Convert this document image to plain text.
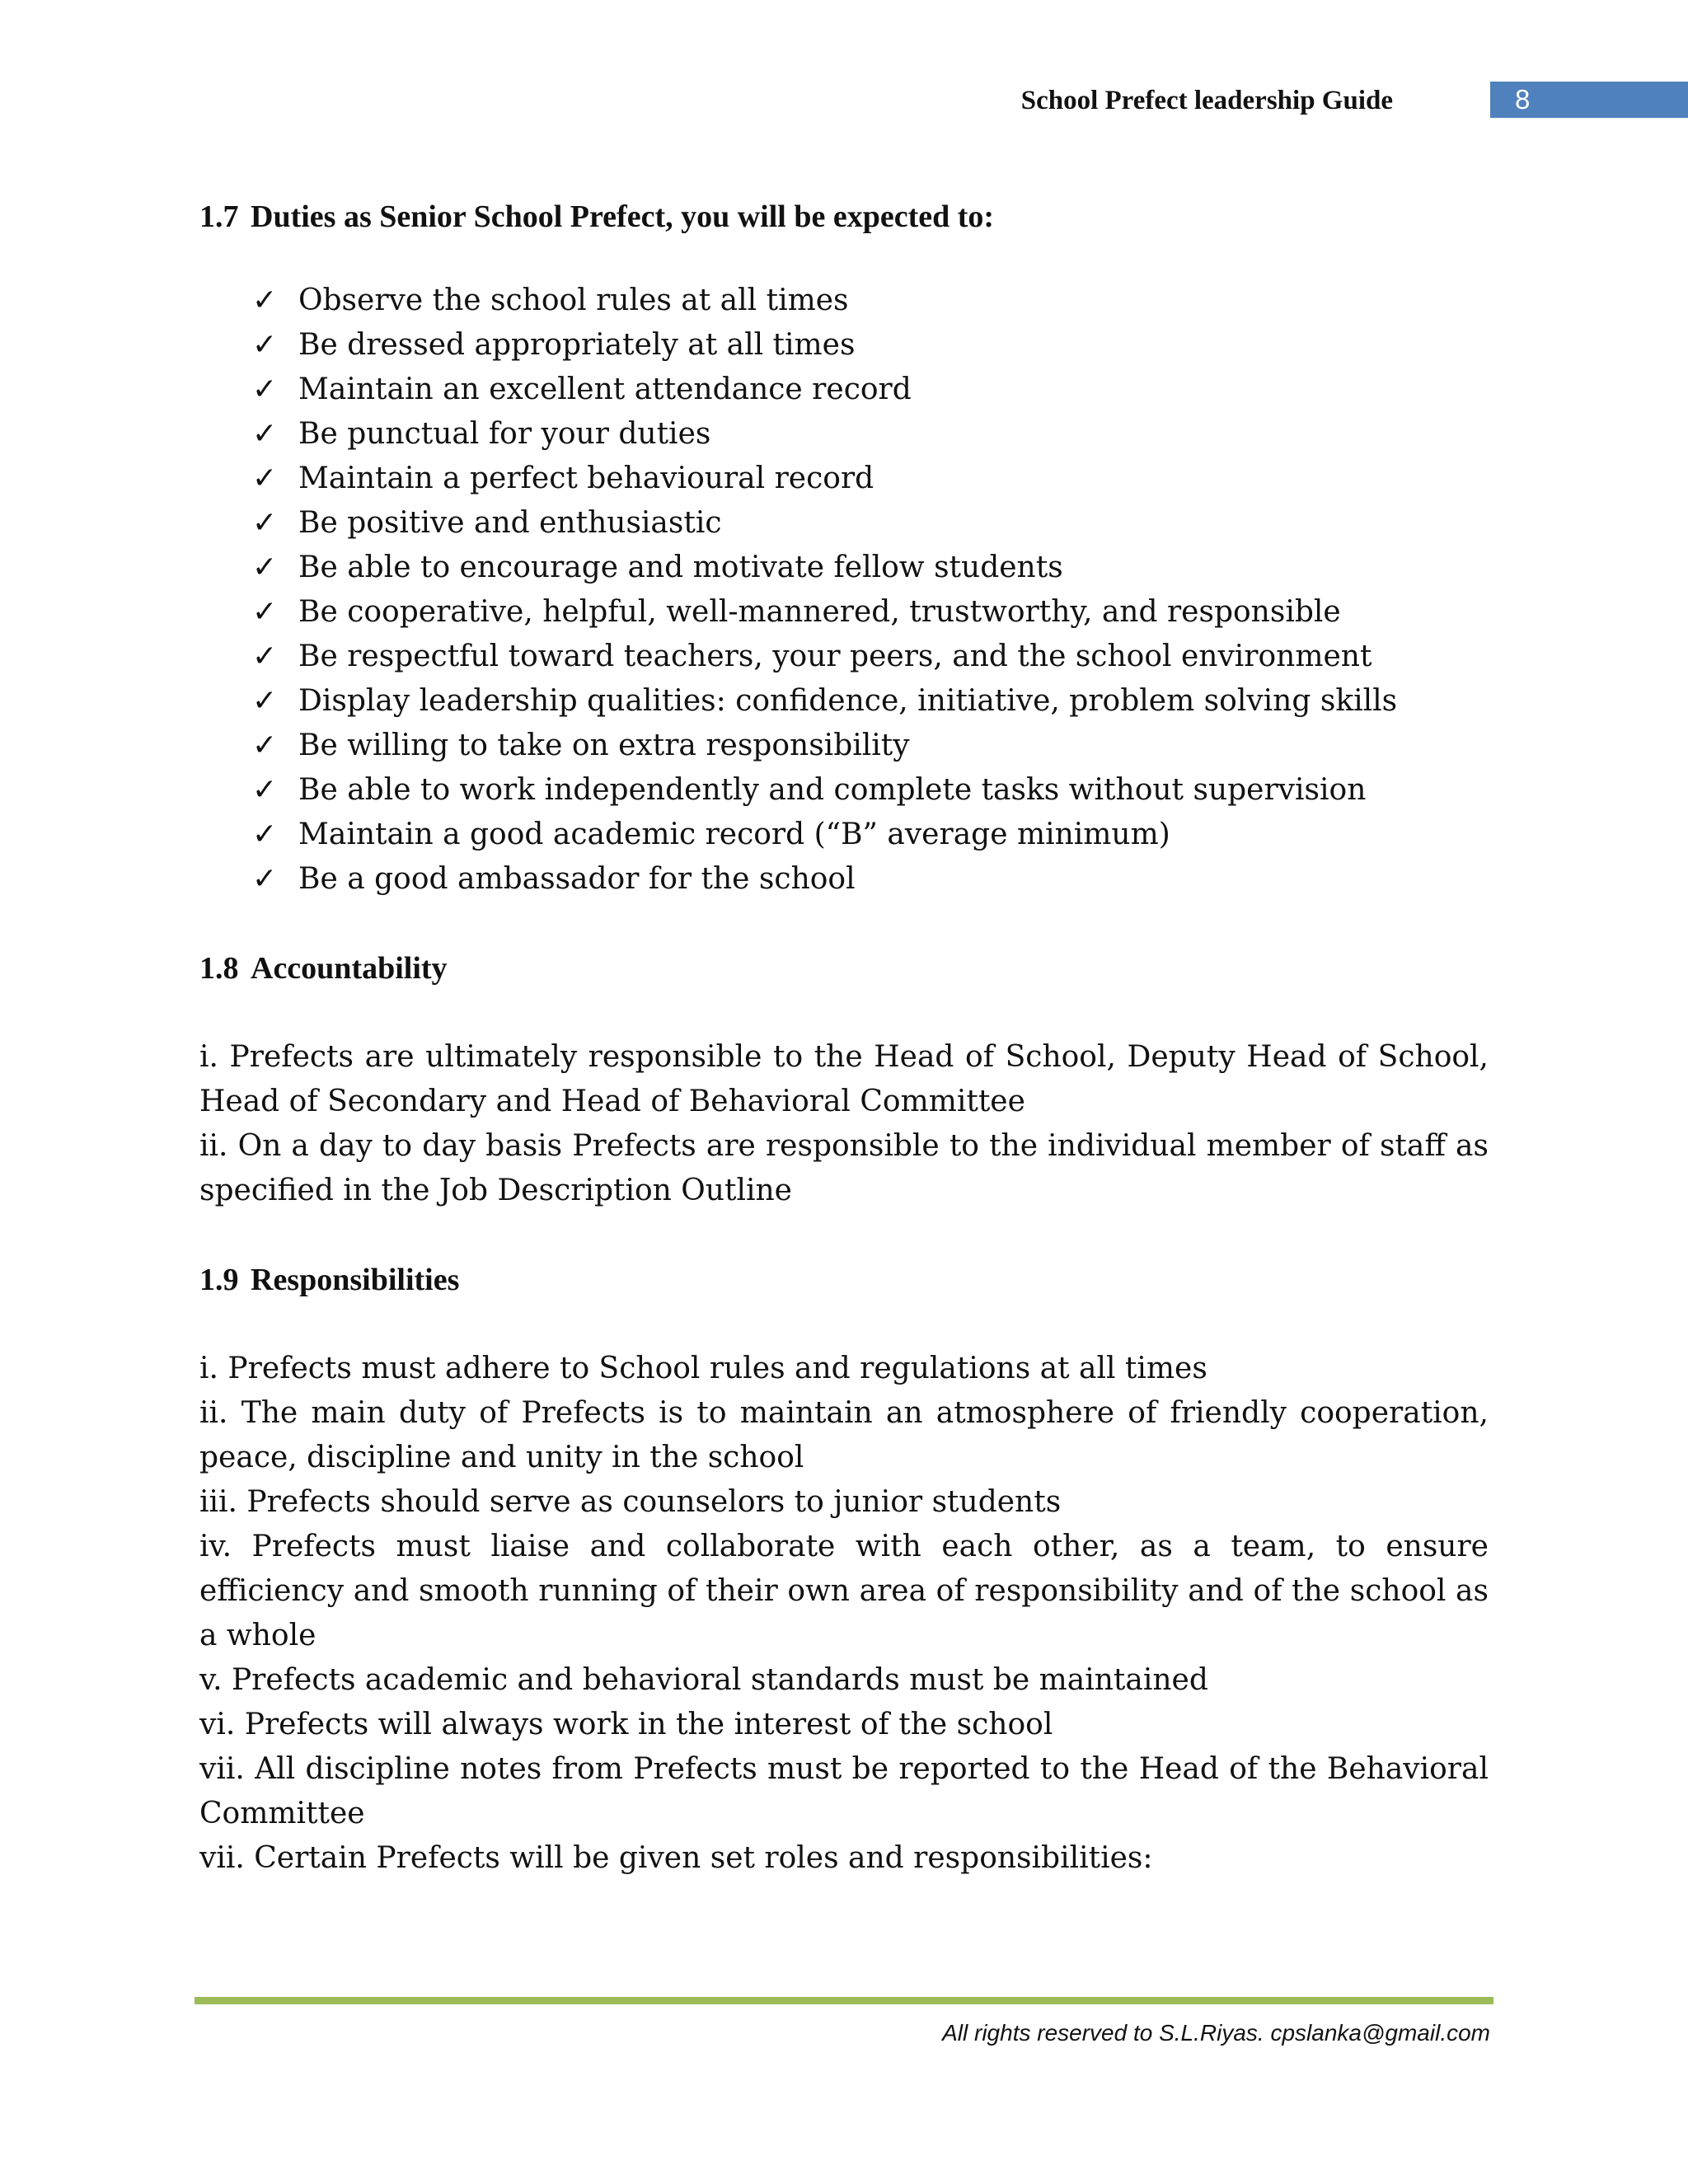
School Prefect leadership Guide	8
1.7 Duties as Senior School Prefect, you will be expected to:
✓ Observe the school rules at all times
✓ Be dressed appropriately at all times
✓ Maintain an excellent attendance record
✓ Be punctual for your duties
✓ Maintain a perfect behavioural record
✓ Be positive and enthusiastic
✓ Be able to encourage and motivate fellow students
✓ Be cooperative, helpful, well-mannered, trustworthy, and responsible
✓ Be respectful toward teachers, your peers, and the school environment
✓ Display leadership qualities: confidence, initiative, problem solving skills
✓ Be willing to take on extra responsibility
✓ Be able to work independently and complete tasks without supervision
✓ Maintain a good academic record (“B” average minimum)
✓ Be a good ambassador for the school
1.8 Accountability

i. Prefects are ultimately responsible to the Head of School, Deputy Head of School, Head of Secondary and Head of Behavioral Committee

ii. On a day to day basis Prefects are responsible to the individual member of staff as specified in the Job Description Outline

1.9 Responsibilities

i. Prefects must adhere to School rules and regulations at all times

ii. The main duty of Prefects is to maintain an atmosphere of friendly cooperation, peace, discipline and unity in the school

iii. Prefects should serve as counselors to junior students

iv. Prefects must liaise and collaborate with each other, as a team, to ensure efficiency and smooth running of their own area of responsibility and of the school as a whole

v. Prefects academic and behavioral standards must be maintained

vi. Prefects will always work in the interest of the school

vii. All discipline notes from Prefects must be reported to the Head of the Behavioral Committee

vii. Certain Prefects will be given set roles and responsibilities:

All rights reserved to S.L.Riyas. cpslanka@gmail.com
